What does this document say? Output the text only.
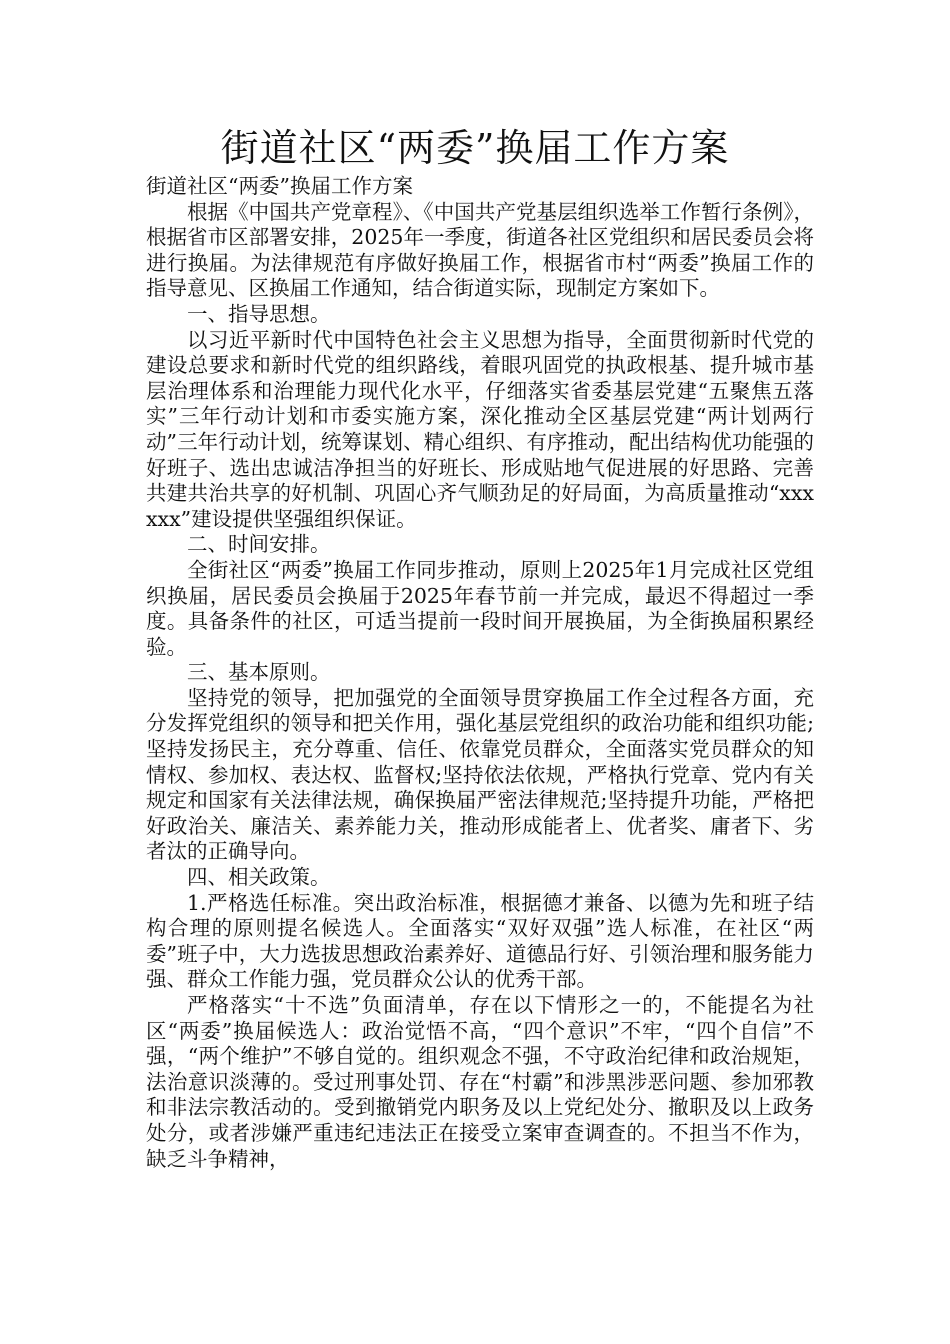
街道社区“两委”换届工作方案

街道社区“两委”换届工作方案

根据《中国共产党章程》、《中国共产党基层组织选举工作暂行条例》，根据省市区部署安排，2025年一季度，街道各社区党组织和居民委员会将进行换届。为法律规范有序做好换届工作，根据省市村“两委”换届工作的指导意见、区换届工作通知，结合街道实际，现制定方案如下。

一、指导思想。

以习近平新时代中国特色社会主义思想为指导，全面贯彻新时代党的建设总要求和新时代党的组织路线，着眼巩固党的执政根基、提升城市基层治理体系和治理能力现代化水平，仔细落实省委基层党建“五聚焦五落实”三年行动计划和市委实施方案，深化推动全区基层党建“两计划两行动”三年行动计划，统筹谋划、精心组织、有序推动，配出结构优功能强的好班子、选出忠诚洁净担当的好班长、形成贴地气促进展的好思路、完善共建共治共享的好机制、巩固心齐气顺劲足的好局面，为高质量推动“xxxxxx”建设提供坚强组织保证。

二、时间安排。

全街社区“两委”换届工作同步推动，原则上2025年1月完成社区党组织换届，居民委员会换届于2025年春节前一并完成，最迟不得超过一季度。具备条件的社区，可适当提前一段时间开展换届，为全街换届积累经验。

三、基本原则。

坚持党的领导，把加强党的全面领导贯穿换届工作全过程各方面，充分发挥党组织的领导和把关作用，强化基层党组织的政治功能和组织功能;坚持发扬民主，充分尊重、信任、依靠党员群众，全面落实党员群众的知情权、参加权、表达权、监督权;坚持依法依规，严格执行党章、党内有关规定和国家有关法律法规，确保换届严密法律规范;坚持提升功能，严格把好政治关、廉洁关、素养能力关，推动形成能者上、优者奖、庸者下、劣者汰的正确导向。

四、相关政策。

1.严格选任标准。突出政治标准，根据德才兼备、以德为先和班子结构合理的原则提名候选人。全面落实“双好双强”选人标准，在社区“两委”班子中，大力选拔思想政治素养好、道德品行好、引领治理和服务能力强、群众工作能力强，党员群众公认的优秀干部。

严格落实“十不选”负面清单，存在以下情形之一的，不能提名为社区“两委”换届候选人：政治觉悟不高，“四个意识”不牢，“四个自信”不强，“两个维护”不够自觉的。组织观念不强，不守政治纪律和政治规矩，法治意识淡薄的。受过刑事处罚、存在“村霸”和涉黑涉恶问题、参加邪教和非法宗教活动的。受到撤销党内职务及以上党纪处分、撤职及以上政务处分，或者涉嫌严重违纪违法正在接受立案审查调查的。不担当不作为，缺乏斗争精神，
